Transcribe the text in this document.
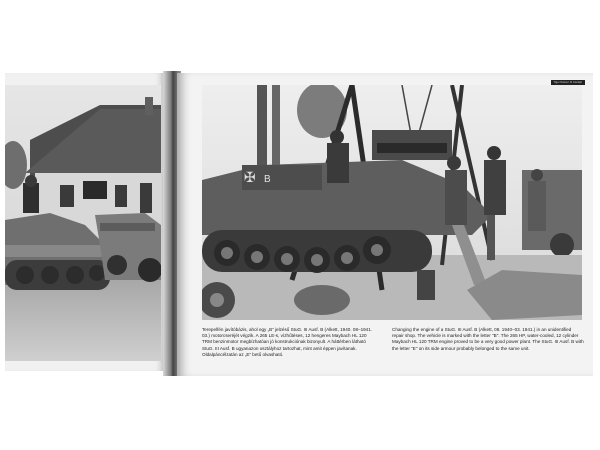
Tiger Panzer III Cockpit
✠ B
Terepelfén javítóbázis, ahol egy „B” jelzésű StuG. III Ausf. B (Alkett, 1940. 08–1941. 03.) motorcseréjét végzik. A 265 LE-s, vízhűtéses, 12 hengeres Maybach HL 120 TRM benzinmotor megbízhatóan jó konstrukciónak bizonyult. A háttérben látható StuG. III Ausf. B ugyanazon osztályhoz tartozhat, mint amit éppen javítanak. Oldalpáncélzatán az „E” betű olvasható.
Changing the engine of a StuG. III Ausf. B (Alkett, 08. 1940–03. 1941.) in an unidentified repair shop. The vehicle is marked with the letter "B". The 265 HP, water-cooled, 12 cylinder Maybach HL 120 TRM engine proved to be a very good power plant. The StuG. III Ausf. B with the letter "E" on its side armour probably belonged to the same unit.
